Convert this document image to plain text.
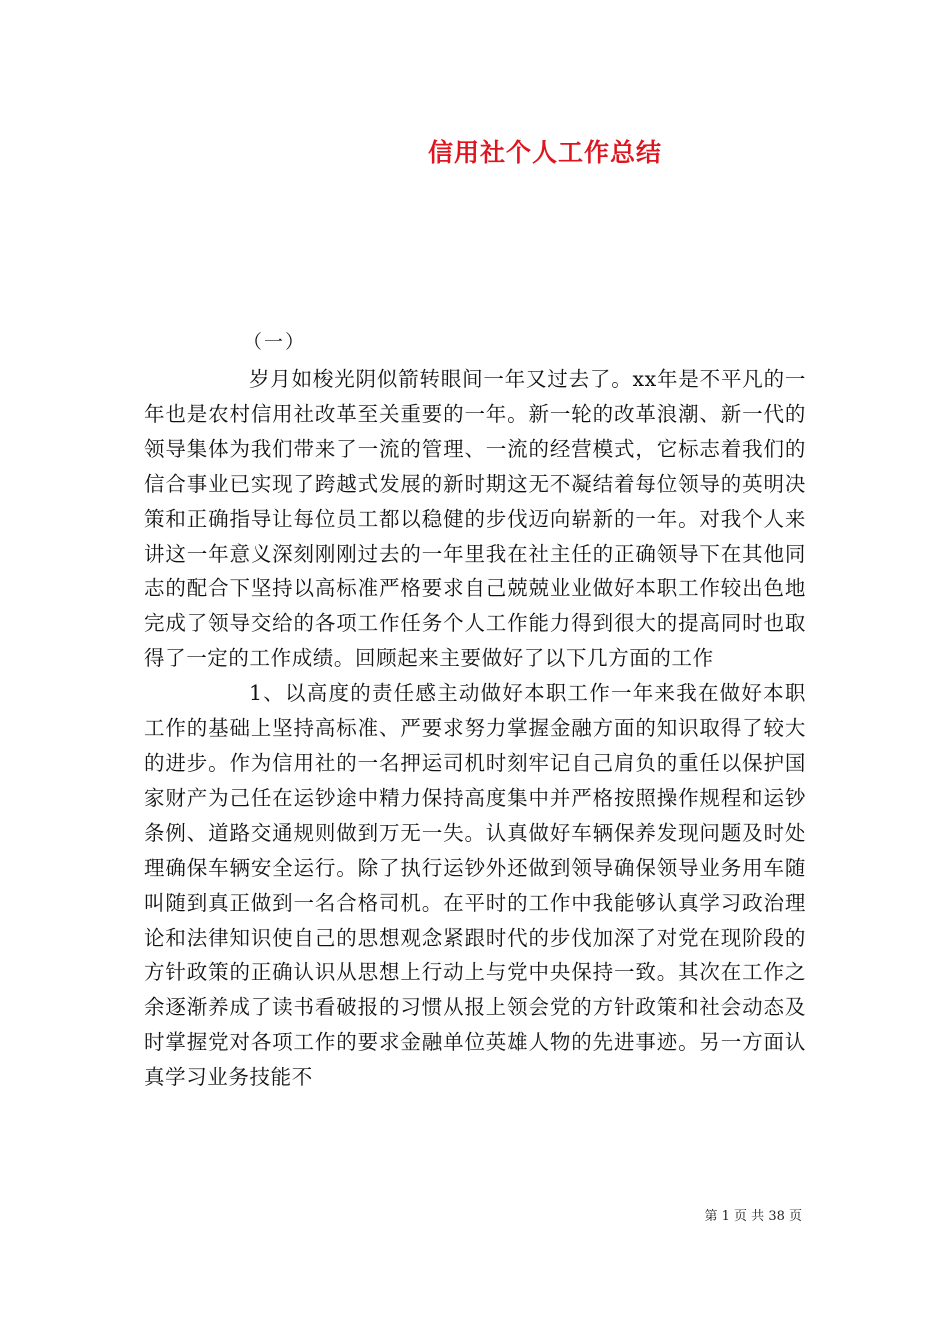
信用社个人工作总结
（一）

岁月如梭光阴似箭转眼间一年又过去了。xx年是不平凡的一年也是农村信用社改革至关重要的一年。新一轮的改革浪潮、新一代的领导集体为我们带来了一流的管理、一流的经营模式，它标志着我们的信合事业已实现了跨越式发展的新时期这无不凝结着每位领导的英明决策和正确指导让每位员工都以稳健的步伐迈向崭新的一年。对我个人来讲这一年意义深刻刚刚过去的一年里我在社主任的正确领导下在其他同志的配合下坚持以高标准严格要求自己兢兢业业做好本职工作较出色地完成了领导交给的各项工作任务个人工作能力得到很大的提高同时也取得了一定的工作成绩。回顾起来主要做好了以下几方面的工作

1、以高度的责任感主动做好本职工作一年来我在做好本职工作的基础上坚持高标准、严要求努力掌握金融方面的知识取得了较大的进步。作为信用社的一名押运司机时刻牢记自己肩负的重任以保护国家财产为己任在运钞途中精力保持高度集中并严格按照操作规程和运钞条例、道路交通规则做到万无一失。认真做好车辆保养发现问题及时处理确保车辆安全运行。除了执行运钞外还做到领导确保领导业务用车随叫随到真正做到一名合格司机。在平时的工作中我能够认真学习政治理论和法律知识使自己的思想观念紧跟时代的步伐加深了对党在现阶段的方针政策的正确认识从思想上行动上与党中央保持一致。其次在工作之余逐渐养成了读书看破报的习惯从报上领会党的方针政策和社会动态及时掌握党对各项工作的要求金融单位英雄人物的先进事迹。另一方面认真学习业务技能不

第 1 页 共 38 页
